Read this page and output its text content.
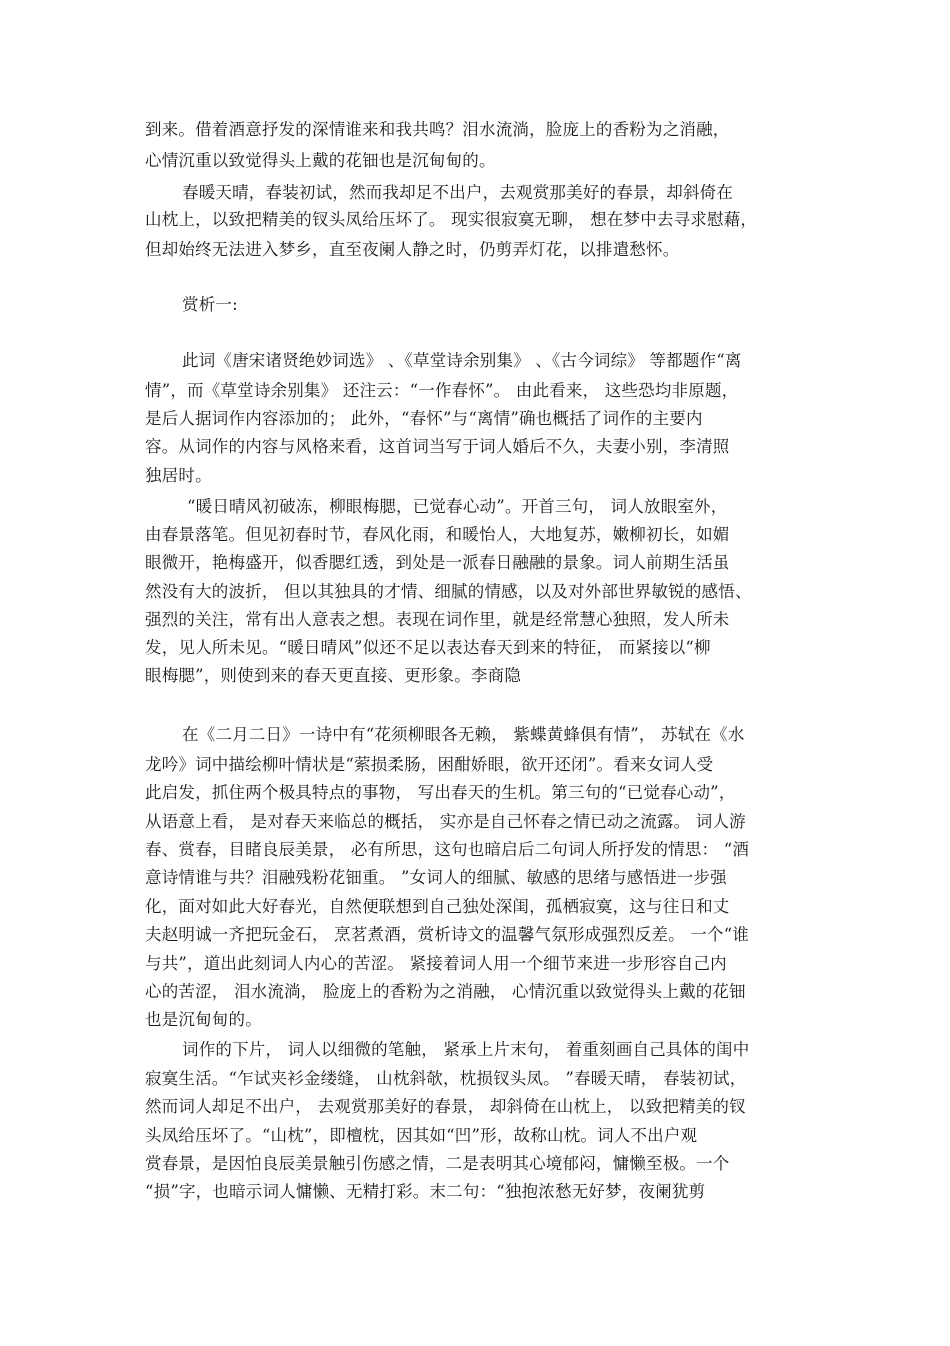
到来。借着酒意抒发的深情谁来和我共鸣？泪水流淌，脸庞上的香粉为之消融，
心情沉重以致觉得头上戴的花钿也是沉甸甸的。
春暖天晴，春装初试，然而我却足不出户，去观赏那美好的春景，却斜倚在
山枕上，以致把精美的钗头凤给压坏了。 现实很寂寞无聊， 想在梦中去寻求慰藉，
但却始终无法进入梦乡，直至夜阑人静之时，仍剪弄灯花，以排遣愁怀。
赏析一:
此词《唐宋诸贤绝妙词选》 、《草堂诗余别集》 、《古今词综》 等都题作“离
情”，而《草堂诗余别集》 还注云：“一作春怀”。 由此看来， 这些恐均非原题，
是后人据词作内容添加的； 此外，“春怀”与“离情”确也概括了词作的主要内
容。从词作的内容与风格来看，这首词当写于词人婚后不久，夫妻小别，李清照
独居时。
“暖日晴风初破冻，柳眼梅腮，已觉春心动”。开首三句， 词人放眼室外，
由春景落笔。但见初春时节，春风化雨，和暖怡人，大地复苏，嫩柳初长，如媚
眼微开，艳梅盛开，似香腮红透，到处是一派春日融融的景象。词人前期生活虽
然没有大的波折， 但以其独具的才情、细腻的情感，以及对外部世界敏锐的感悟、
强烈的关注，常有出人意表之想。表现在词作里，就是经常慧心独照，发人所未
发，见人所未见。“暖日晴风”似还不足以表达春天到来的特征， 而紧接以“柳
眼梅腮”，则使到来的春天更直接、更形象。李商隐
在《二月二日》一诗中有“花须柳眼各无赖， 紫蝶黄蜂俱有情”， 苏轼在《水
龙吟》词中描绘柳叶情状是“萦损柔肠，困酣娇眼，欲开还闭”。看来女词人受
此启发，抓住两个极具特点的事物， 写出春天的生机。第三句的“已觉春心动”，
从语意上看， 是对春天来临总的概括， 实亦是自己怀春之情已动之流露。 词人游
春、赏春，目睹良辰美景， 必有所思，这句也暗启后二句词人所抒发的情思： “酒
意诗情谁与共？泪融残粉花钿重。 ”女词人的细腻、敏感的思绪与感悟进一步强
化，面对如此大好春光，自然便联想到自己独处深闺，孤栖寂寞，这与往日和丈
夫赵明诚一齐把玩金石， 烹茗煮酒，赏析诗文的温馨气氛形成强烈反差。 一个“谁
与共”，道出此刻词人内心的苦涩。 紧接着词人用一个细节来进一步形容自己内
心的苦涩， 泪水流淌， 脸庞上的香粉为之消融， 心情沉重以致觉得头上戴的花钿
也是沉甸甸的。
词作的下片， 词人以细微的笔触， 紧承上片末句， 着重刻画自己具体的闺中
寂寞生活。“乍试夹衫金缕缝， 山枕斜欹，枕损钗头凤。 ”春暖天晴， 春装初试，
然而词人却足不出户， 去观赏那美好的春景， 却斜倚在山枕上， 以致把精美的钗
头凤给压坏了。“山枕”，即檀枕，因其如“凹”形，故称山枕。词人不出户观
赏春景，是因怕良辰美景触引伤感之情，二是表明其心境郁闷，慵懒至极。一个
“损”字，也暗示词人慵懒、无精打彩。末二句：“独抱浓愁无好梦，夜阑犹剪
